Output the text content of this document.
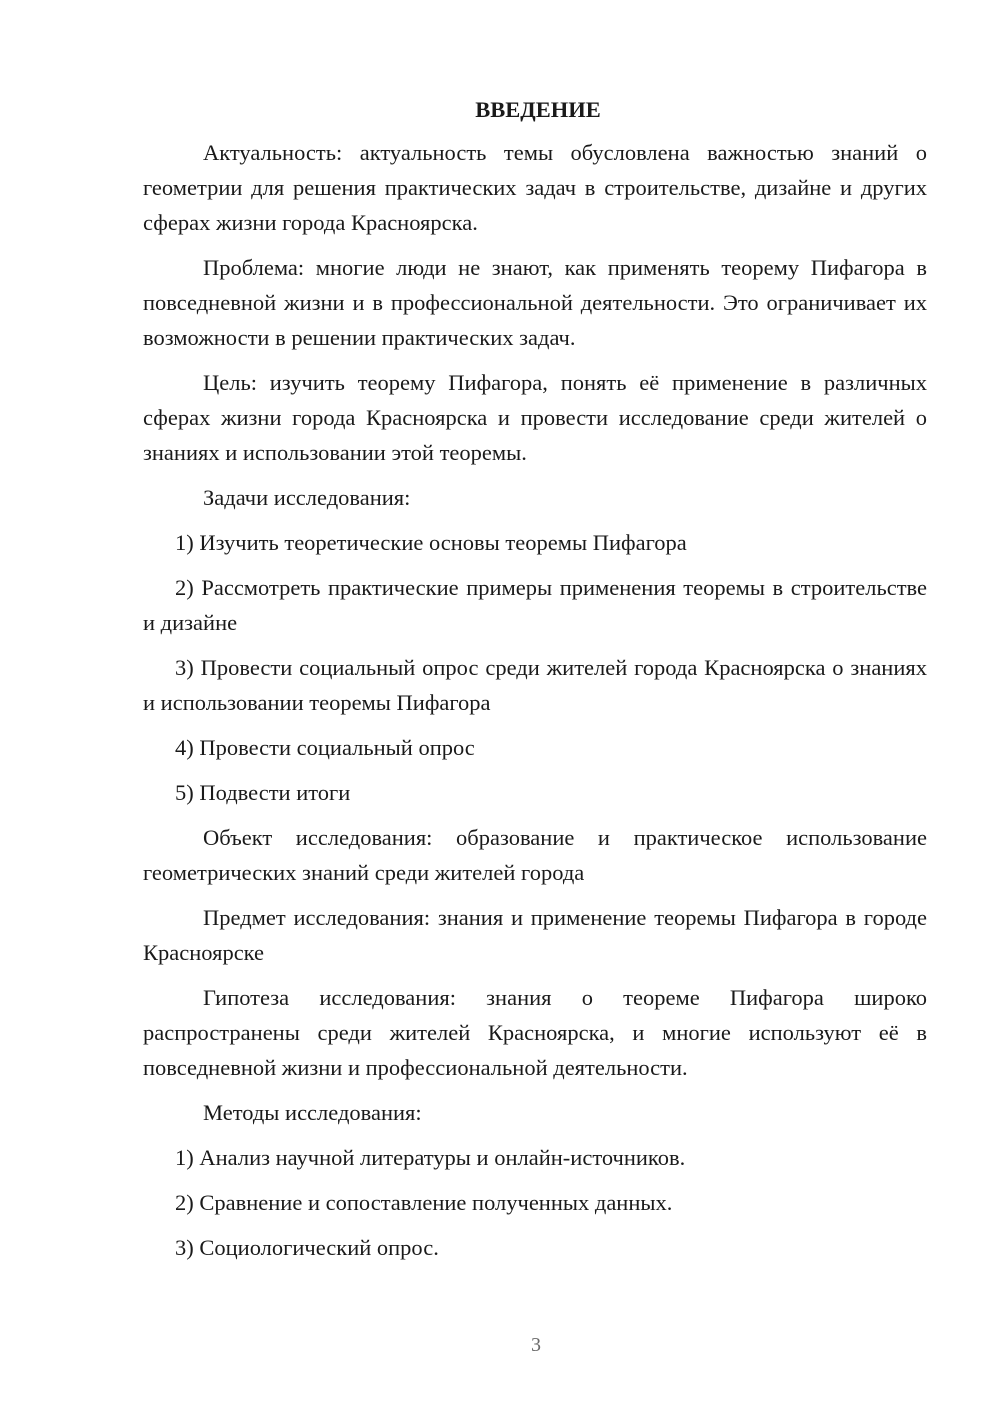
ВВЕДЕНИЕ

Актуальность: актуальность темы обусловлена важностью знаний о геометрии для решения практических задач в строительстве, дизайне и других сферах жизни города Красноярска.

Проблема: многие люди не знают, как применять теорему Пифагора в повседневной жизни и в профессиональной деятельности. Это ограничивает их возможности в решении практических задач.

Цель: изучить теорему Пифагора, понять её применение в различных сферах жизни города Красноярска и провести исследование среди жителей о знаниях и использовании этой теоремы.

Задачи исследования:

1) Изучить теоретические основы теоремы Пифагора

2) Рассмотреть практические примеры применения теоремы в строительстве и дизайне

3) Провести социальный опрос среди жителей города Красноярска о знаниях и использовании теоремы Пифагора

4) Провести социальный опрос

5) Подвести итоги

Объект исследования: образование и практическое использование геометрических знаний среди жителей города

Предмет исследования: знания и применение теоремы Пифагора в городе Красноярске

Гипотеза исследования: знания о теореме Пифагора широко распространены среди жителей Красноярска, и многие используют её в повседневной жизни и профессиональной деятельности.

Методы исследования:

1) Анализ научной литературы и онлайн-источников.

2) Сравнение и сопоставление полученных данных.

3) Социологический опрос.

3
